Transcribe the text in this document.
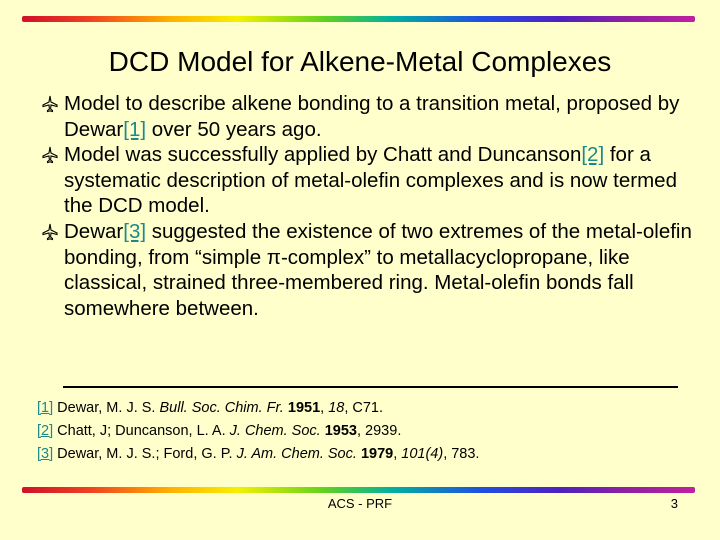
DCD Model for Alkene-Metal Complexes
Model to describe alkene bonding to a transition metal, proposed by Dewar[1] over 50 years ago.
Model was successfully applied by Chatt and Duncanson[2] for a systematic description of metal-olefin complexes and is now termed the DCD model.
Dewar[3] suggested the existence of two extremes of the metal-olefin bonding, from “simple π-complex” to metallacyclopropane, like classical, strained three-membered ring. Metal-olefin bonds fall somewhere between.
[1] Dewar, M. J. S. Bull. Soc. Chim. Fr. 1951, 18, C71.
[2] Chatt, J; Duncanson, L. A. J. Chem. Soc. 1953, 2939.
[3] Dewar, M. J. S.; Ford, G. P. J. Am. Chem. Soc. 1979, 101(4), 783.
ACS - PRF	3
